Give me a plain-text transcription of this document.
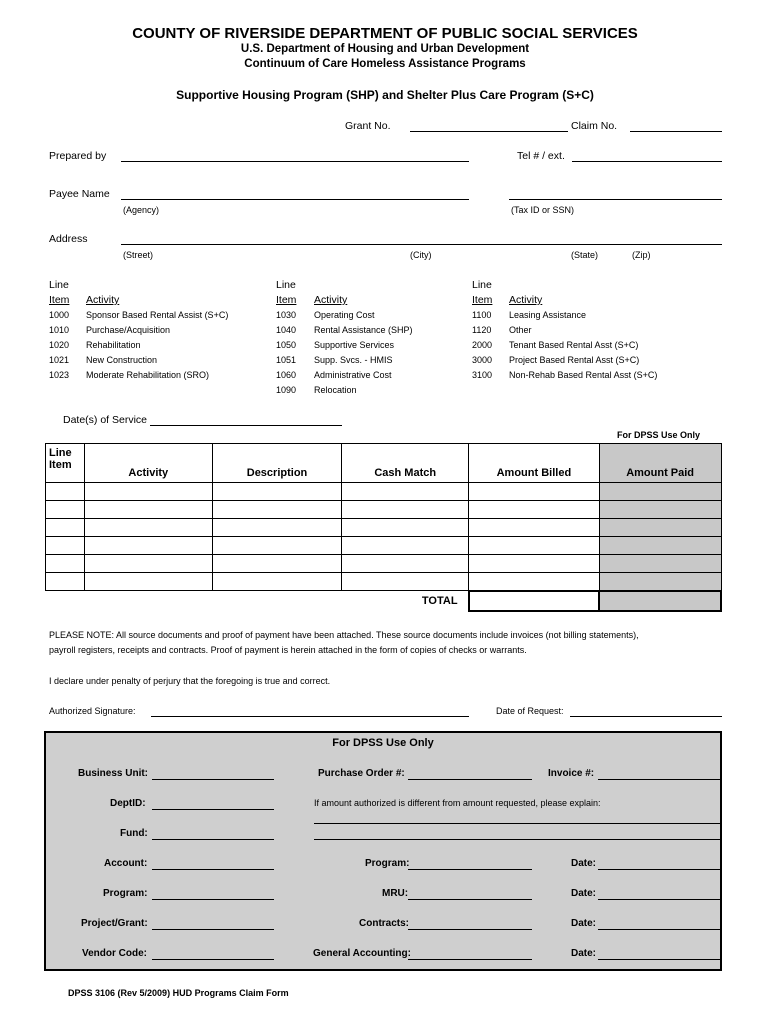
COUNTY OF RIVERSIDE DEPARTMENT OF PUBLIC SOCIAL SERVICES
U.S. Department of Housing and Urban Development
Continuum of Care Homeless Assistance Programs
Supportive Housing Program (SHP) and Shelter Plus Care Program (S+C)
Grant No.	Claim No.
Prepared by	Tel # / ext.
Payee Name
(Agency)	(Tax ID or SSN)
Address
(Street)	(City)	(State)	(Zip)
Line
Item Activity
Line
Item Activity
Line
Item Activity
1000 Sponsor Based Rental Assist (S+C)
1010 Purchase/Acquisition
1020 Rehabilitation
1021 New Construction
1023 Moderate Rehabilitation (SRO)
1030 Operating Cost
1040 Rental Assistance (SHP)
1050 Supportive Services
1051 Supp. Svcs. - HMIS
1060 Administrative Cost
1090 Relocation
1100 Leasing Assistance
1120 Other
2000 Tenant Based Rental Asst (S+C)
3000 Project Based Rental Asst (S+C)
3100 Non-Rehab Based Rental Asst (S+C)
Date(s) of Service
For DPSS Use Only
Line
Item	Activity	Description	Cash Match	Amount Billed	Amount Paid

TOTAL					
PLEASE NOTE: All source documents and proof of payment have been attached. These source documents include invoices (not billing statements),
payroll registers, receipts and contracts. Proof of payment is herein attached in the form of copies of checks or warrants.
I declare under penalty of perjury that the foregoing is true and correct.
Authorized Signature:	Date of Request:
For DPSS Use Only
Business Unit:	Purchase Order #:	Invoice #:
DeptID:	If amount authorized is different from amount requested, please explain:
Fund:
Account:	Program:	Date:
Program:	MRU:	Date:
Project/Grant:	Contracts:	Date:
Vendor Code:	General Accounting:	Date:
DPSS 3106 (Rev 5/2009) HUD Programs Claim Form
